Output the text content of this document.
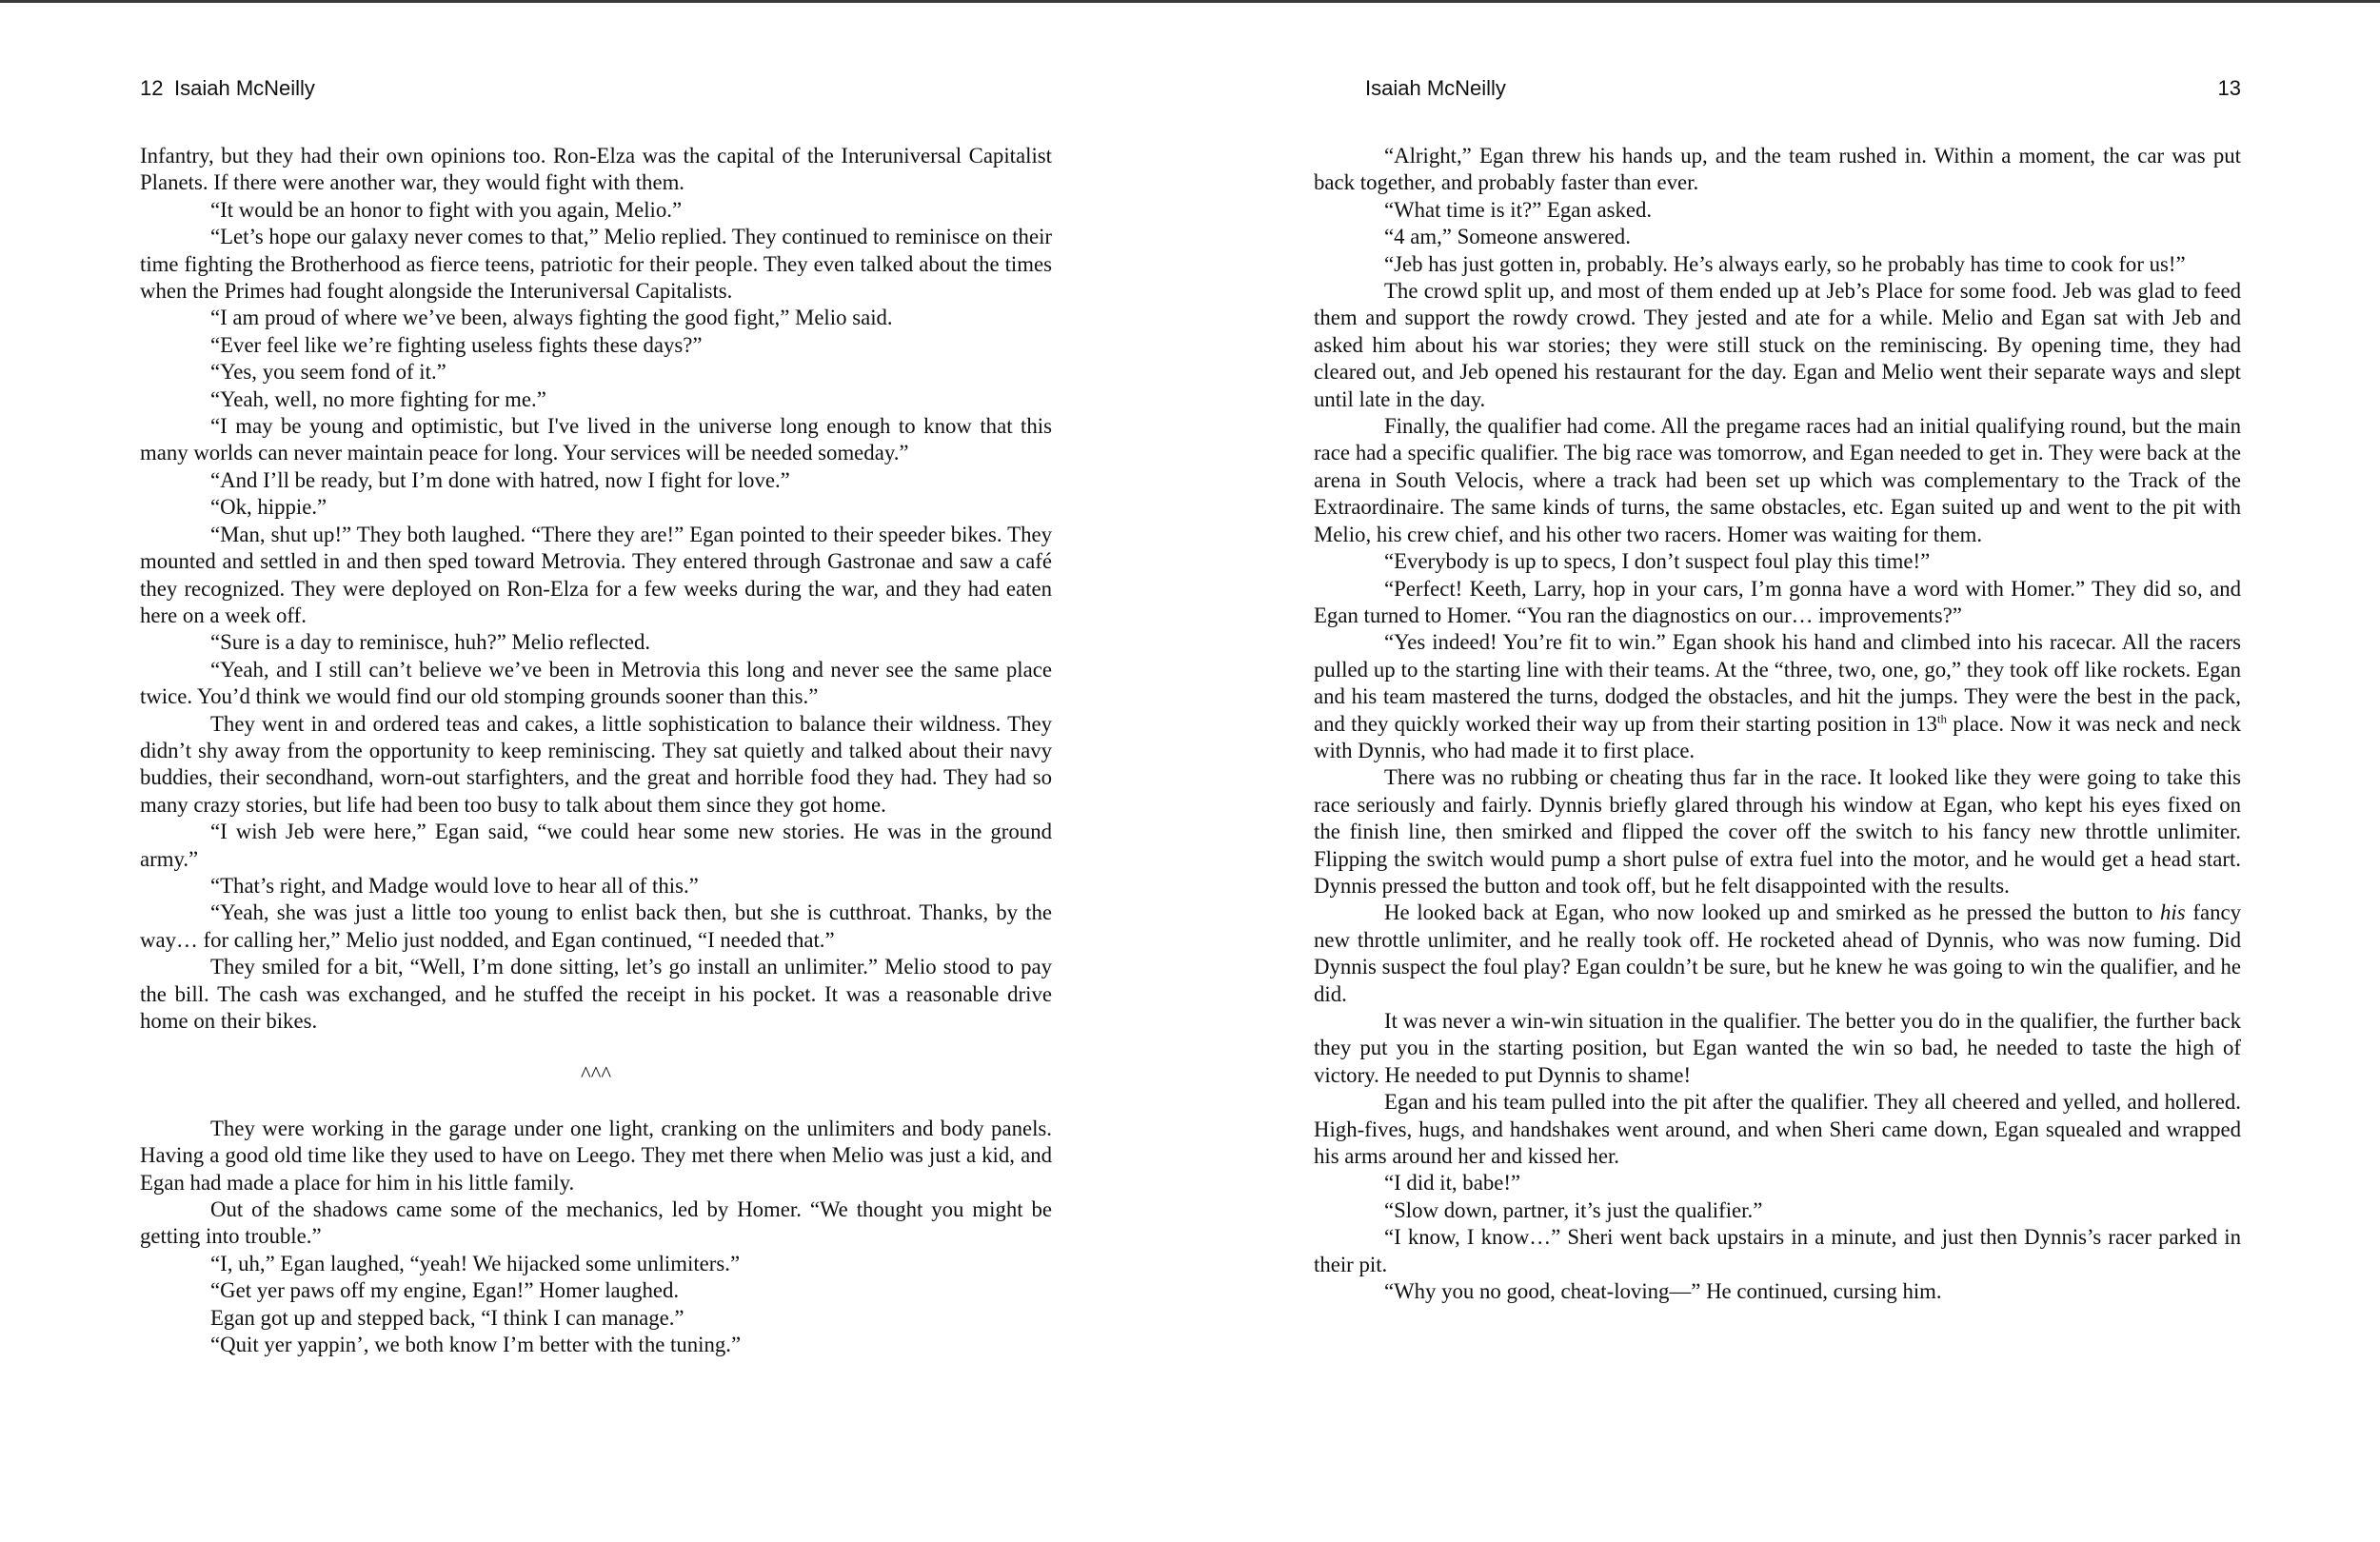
12 Isaiah McNeilly

Infantry, but they had their own opinions too. Ron-Elza was the capital of the Interuniversal Capitalist Planets. If there were another war, they would fight with them.

“It would be an honor to fight with you again, Melio.”

“Let’s hope our galaxy never comes to that,” Melio replied. They continued to reminisce on their time fighting the Brotherhood as fierce teens, patriotic for their people. They even talked about the times when the Primes had fought alongside the Interuniversal Capitalists.

“I am proud of where we’ve been, always fighting the good fight,” Melio said.

“Ever feel like we’re fighting useless fights these days?”

“Yes, you seem fond of it.”

“Yeah, well, no more fighting for me.”

“I may be young and optimistic, but I've lived in the universe long enough to know that this many worlds can never maintain peace for long. Your services will be needed someday.”

“And I’ll be ready, but I’m done with hatred, now I fight for love.”

“Ok, hippie.”

“Man, shut up!” They both laughed. “There they are!” Egan pointed to their speeder bikes. They mounted and settled in and then sped toward Metrovia. They entered through Gastronae and saw a café they recognized. They were deployed on Ron-Elza for a few weeks during the war, and they had eaten here on a week off.

“Sure is a day to reminisce, huh?” Melio reflected.

“Yeah, and I still can’t believe we’ve been in Metrovia this long and never see the same place twice. You’d think we would find our old stomping grounds sooner than this.”

They went in and ordered teas and cakes, a little sophistication to balance their wildness. They didn’t shy away from the opportunity to keep reminiscing. They sat quietly and talked about their navy buddies, their secondhand, worn-out starfighters, and the great and horrible food they had. They had so many crazy stories, but life had been too busy to talk about them since they got home.

“I wish Jeb were here,” Egan said, “we could hear some new stories. He was in the ground army.”

“That’s right, and Madge would love to hear all of this.”

“Yeah, she was just a little too young to enlist back then, but she is cutthroat. Thanks, by the way… for calling her,” Melio just nodded, and Egan continued, “I needed that.”

They smiled for a bit, “Well, I’m done sitting, let’s go install an unlimiter.” Melio stood to pay the bill. The cash was exchanged, and he stuffed the receipt in his pocket. It was a reasonable drive home on their bikes.

^^^

They were working in the garage under one light, cranking on the unlimiters and body panels. Having a good old time like they used to have on Leego. They met there when Melio was just a kid, and Egan had made a place for him in his little family.

Out of the shadows came some of the mechanics, led by Homer. “We thought you might be getting into trouble.”

“I, uh,” Egan laughed, “yeah! We hijacked some unlimiters.”

“Get yer paws off my engine, Egan!” Homer laughed.

Egan got up and stepped back, “I think I can manage.”

“Quit yer yappin’, we both know I’m better with the tuning.”

Isaiah McNeilly	13

“Alright,” Egan threw his hands up, and the team rushed in. Within a moment, the car was put back together, and probably faster than ever.

“What time is it?” Egan asked.

“4 am,” Someone answered.

“Jeb has just gotten in, probably. He’s always early, so he probably has time to cook for us!”

The crowd split up, and most of them ended up at Jeb’s Place for some food. Jeb was glad to feed them and support the rowdy crowd. They jested and ate for a while. Melio and Egan sat with Jeb and asked him about his war stories; they were still stuck on the reminiscing. By opening time, they had cleared out, and Jeb opened his restaurant for the day. Egan and Melio went their separate ways and slept until late in the day.

Finally, the qualifier had come. All the pregame races had an initial qualifying round, but the main race had a specific qualifier. The big race was tomorrow, and Egan needed to get in. They were back at the arena in South Velocis, where a track had been set up which was complementary to the Track of the Extraordinaire. The same kinds of turns, the same obstacles, etc. Egan suited up and went to the pit with Melio, his crew chief, and his other two racers. Homer was waiting for them.

“Everybody is up to specs, I don’t suspect foul play this time!”

“Perfect! Keeth, Larry, hop in your cars, I’m gonna have a word with Homer.” They did so, and Egan turned to Homer. “You ran the diagnostics on our… improvements?”

“Yes indeed! You’re fit to win.” Egan shook his hand and climbed into his racecar. All the racers pulled up to the starting line with their teams. At the “three, two, one, go,” they took off like rockets. Egan and his team mastered the turns, dodged the obstacles, and hit the jumps. They were the best in the pack, and they quickly worked their way up from their starting position in 13th place. Now it was neck and neck with Dynnis, who had made it to first place.

There was no rubbing or cheating thus far in the race. It looked like they were going to take this race seriously and fairly. Dynnis briefly glared through his window at Egan, who kept his eyes fixed on the finish line, then smirked and flipped the cover off the switch to his fancy new throttle unlimiter. Flipping the switch would pump a short pulse of extra fuel into the motor, and he would get a head start. Dynnis pressed the button and took off, but he felt disappointed with the results.

He looked back at Egan, who now looked up and smirked as he pressed the button to his fancy new throttle unlimiter, and he really took off. He rocketed ahead of Dynnis, who was now fuming. Did Dynnis suspect the foul play? Egan couldn’t be sure, but he knew he was going to win the qualifier, and he did.

It was never a win-win situation in the qualifier. The better you do in the qualifier, the further back they put you in the starting position, but Egan wanted the win so bad, he needed to taste the high of victory. He needed to put Dynnis to shame!

Egan and his team pulled into the pit after the qualifier. They all cheered and yelled, and hollered. High-fives, hugs, and handshakes went around, and when Sheri came down, Egan squealed and wrapped his arms around her and kissed her.

“I did it, babe!”

“Slow down, partner, it’s just the qualifier.”

“I know, I know…” Sheri went back upstairs in a minute, and just then Dynnis’s racer parked in their pit.

“Why you no good, cheat-loving—” He continued, cursing him.
